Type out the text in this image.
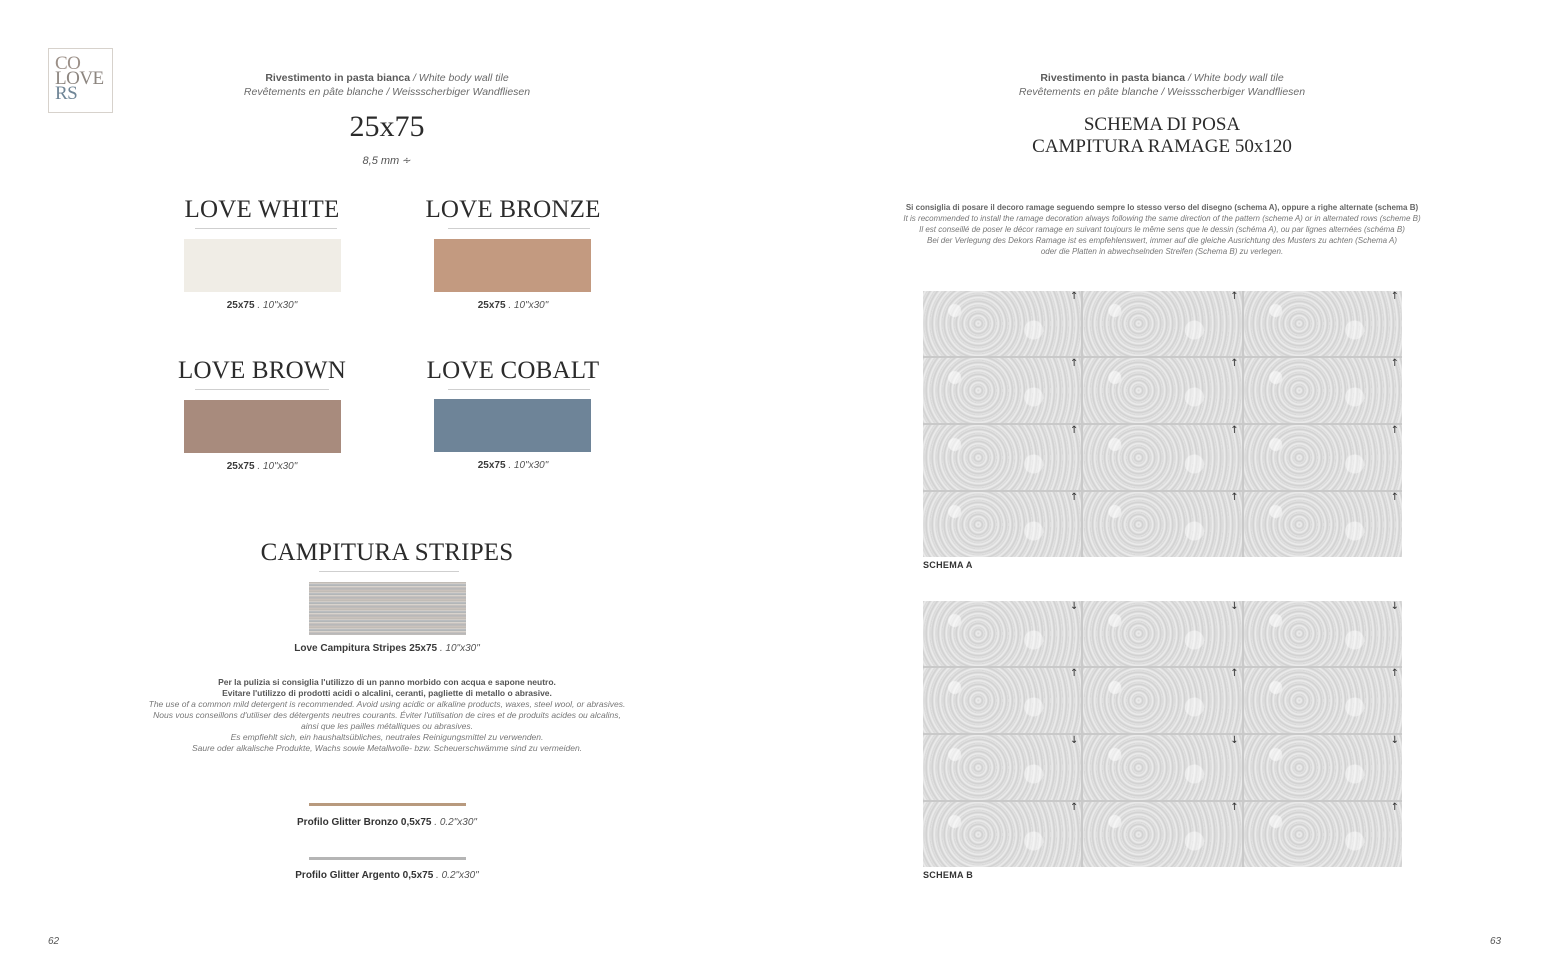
CO
LOVE
RS
Rivestimento in pasta bianca / White body wall tile
Revêtements en pâte blanche / Weissscherbiger Wandfliesen
25x75
8,5 mm ∻
LOVE WHITE
25x75 . 10"x30"
LOVE BRONZE
25x75 . 10"x30"
LOVE BROWN
25x75 . 10"x30"
LOVE COBALT
25x75 . 10"x30"
CAMPITURA STRIPES
Love Campitura Stripes 25x75 . 10"x30"
Per la pulizia si consiglia l'utilizzo di un panno morbido con acqua e sapone neutro.
Evitare l'utilizzo di prodotti acidi o alcalini, ceranti, pagliette di metallo o abrasive.
The use of a common mild detergent is recommended. Avoid using acidic or alkaline products, waxes, steel wool, or abrasives.
Nous vous conseillons d'utiliser des détergents neutres courants. Éviter l'utilisation de cires et de produits acides ou alcalins,
ainsi que les pailles métalliques ou abrasives.
Es empfiehlt sich, ein haushaltsübliches, neutrales Reinigungsmittel zu verwenden.
Saure oder alkalische Produkte, Wachs sowie Metallwolle- bzw. Scheuerschwämme sind zu vermeiden.
Profilo Glitter Bronzo 0,5x75 . 0.2"x30"
Profilo Glitter Argento 0,5x75 . 0.2"x30"
62
Rivestimento in pasta bianca / White body wall tile
Revêtements en pâte blanche / Weissscherbiger Wandfliesen
SCHEMA DI POSA
CAMPITURA RAMAGE 50x120
Si consiglia di posare il decoro ramage seguendo sempre lo stesso verso del disegno (schema A), oppure a righe alternate (schema B)
It is recommended to install the ramage decoration always following the same direction of the pattern (scheme A) or in alternated rows (scheme B)
Il est conseillé de poser le décor ramage en suivant toujours le même sens que le dessin (schéma A), ou par lignes alternées (schéma B)
Bei der Verlegung des Dekors Ramage ist es empfehlenswert, immer auf die gleiche Ausrichtung des Musters zu achten (Schema A)
oder die Platten in abwechselnden Streifen (Schema B) zu verlegen.
↑	↑	↑
↑	↑	↑
↑	↑	↑
↑	↑	↑
SCHEMA A
↓	↓	↓
↑	↑	↑
↓	↓	↓
↑	↑	↑
SCHEMA B
63
